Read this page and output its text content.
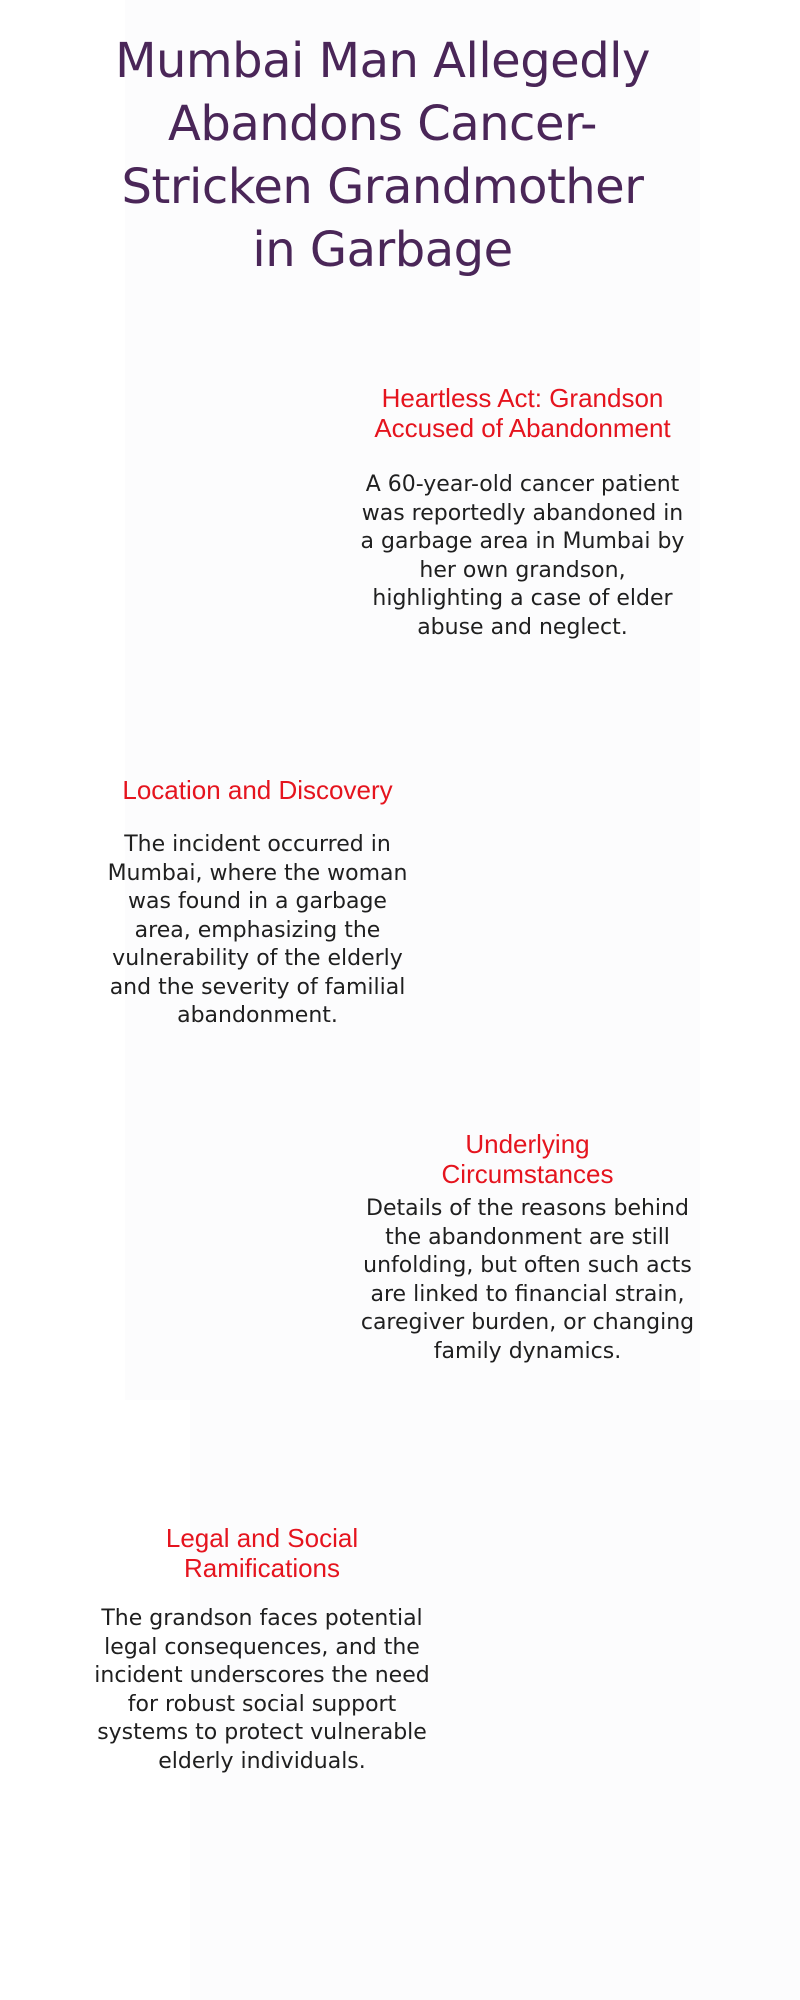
Mumbai Man Allegedly Abandons Cancer-Stricken Grandmother in Garbage
Heartless Act: Grandson Accused of Abandonment

A 60-year-old cancer patient was reportedly abandoned in a garbage area in Mumbai by her own grandson, highlighting a case of elder abuse and neglect.

Location and Discovery

The incident occurred in Mumbai, where the woman was found in a garbage area, emphasizing the vulnerability of the elderly and the severity of familial abandonment.

Underlying Circumstances

Details of the reasons behind the abandonment are still unfolding, but often such acts are linked to financial strain, caregiver burden, or changing family dynamics.

Legal and Social Ramifications

The grandson faces potential legal consequences, and the incident underscores the need for robust social support systems to protect vulnerable elderly individuals.
